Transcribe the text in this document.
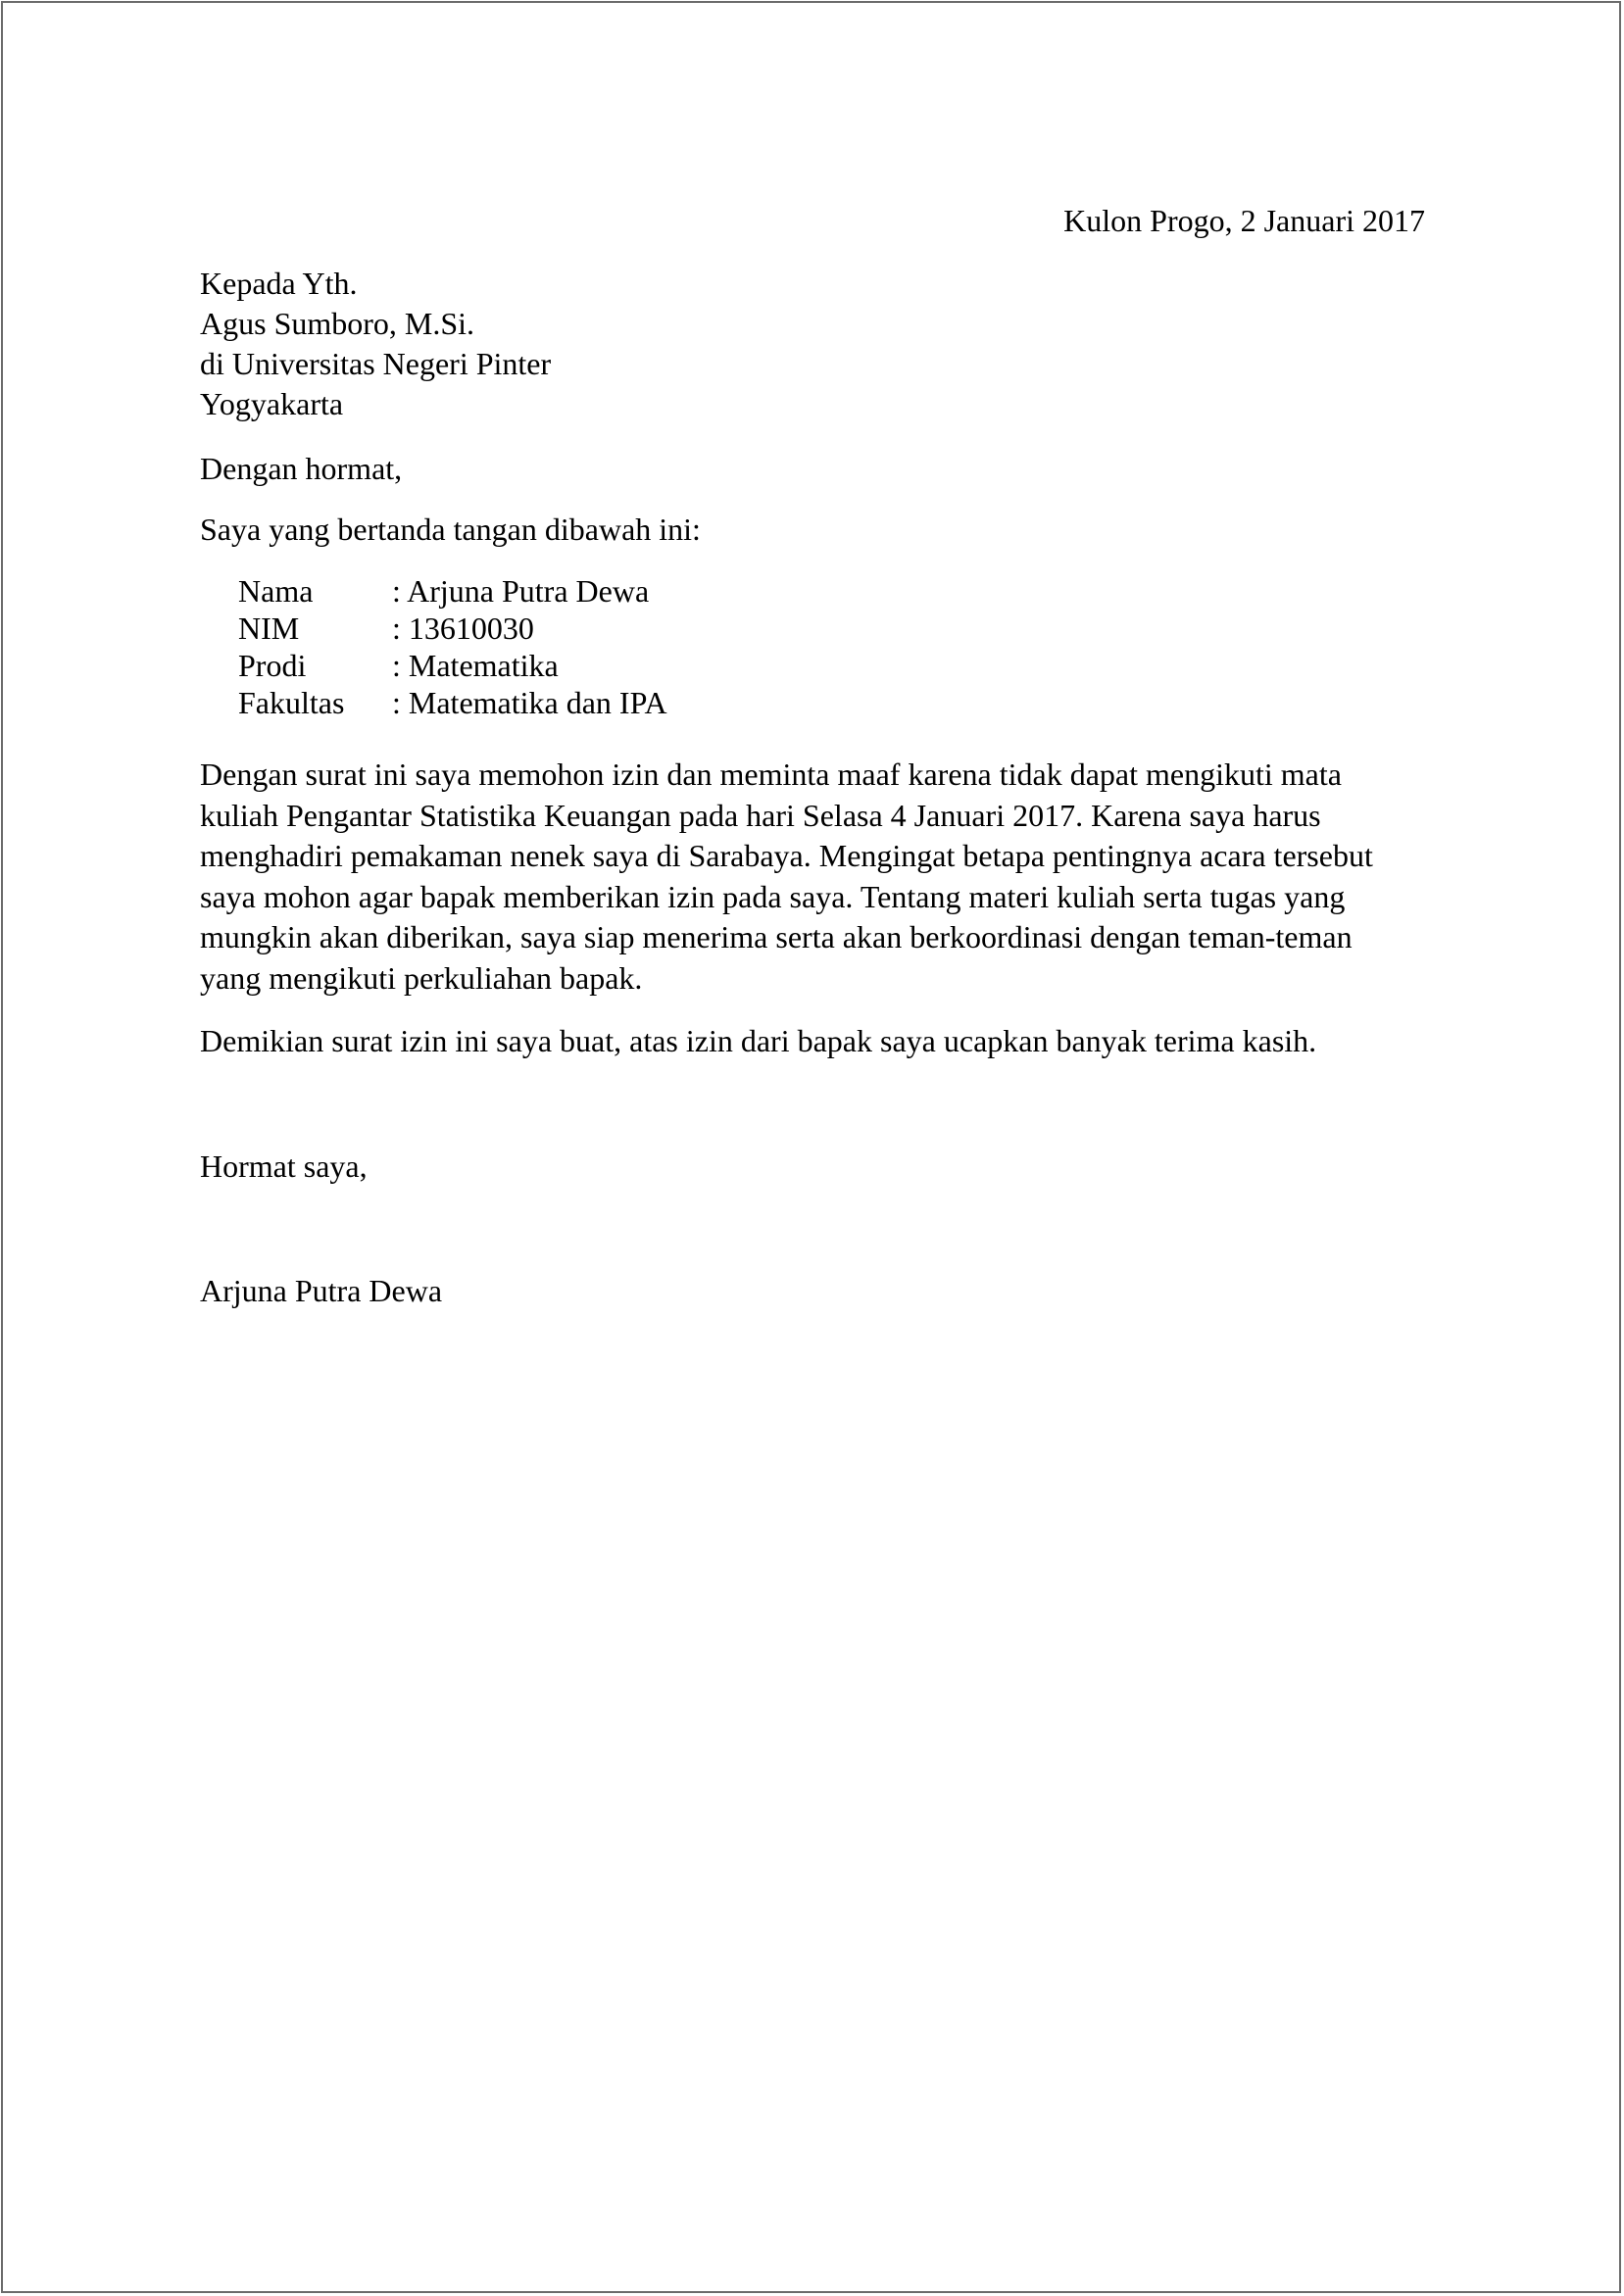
Kulon Progo, 2 Januari 2017
Kepada Yth.
Agus Sumboro, M.Si.
di Universitas Negeri Pinter
Yogyakarta
Dengan hormat,
Saya yang bertanda tangan dibawah ini:
Nama	: Arjuna Putra Dewa
NIM	: 13610030
Prodi	: Matematika
Fakultas	: Matematika dan IPA
Dengan surat ini saya memohon izin dan meminta maaf karena tidak dapat mengikuti mata
kuliah Pengantar Statistika Keuangan pada hari Selasa 4 Januari 2017. Karena saya harus
menghadiri pemakaman nenek saya di Sarabaya. Mengingat betapa pentingnya acara tersebut
saya mohon agar bapak memberikan izin pada saya. Tentang materi kuliah serta tugas yang
mungkin akan diberikan, saya siap menerima serta akan berkoordinasi dengan teman-teman
yang mengikuti perkuliahan bapak.
Demikian surat izin ini saya buat, atas izin dari bapak saya ucapkan banyak terima kasih.
Hormat saya,
Arjuna Putra Dewa
